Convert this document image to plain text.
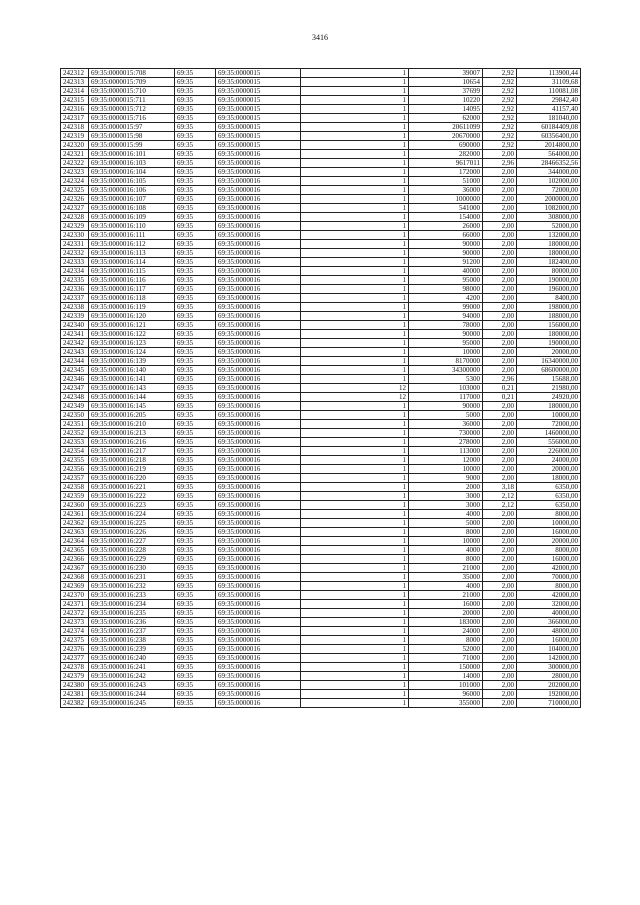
3416
242312	69:35:0000015:708	69:35	69:35:0000015	1	39007	2,92	113900,44
242313	69:35:0000015:709	69:35	69:35:0000015	1	10654	2,92	31109,68
242314	69:35:0000015:710	69:35	69:35:0000015	1	37699	2,92	110081,08
242315	69:35:0000015:711	69:35	69:35:0000015	1	10220	2,92	29842,40
242316	69:35:0000015:712	69:35	69:35:0000015	1	14095	2,92	41157,40
242317	69:35:0000015:716	69:35	69:35:0000015	1	62000	2,92	181040,00
242318	69:35:0000015:97	69:35	69:35:0000015	1	20611099	2,92	60184409,08
242319	69:35:0000015:98	69:35	69:35:0000015	1	20670000	2,92	60356400,00
242320	69:35:0000015:99	69:35	69:35:0000015	1	690000	2,92	2014800,00
242321	69:35:0000016:101	69:35	69:35:0000016	1	282000	2,00	564000,00
242322	69:35:0000016:103	69:35	69:35:0000016	1	9617011	2,96	28466352,56
242323	69:35:0000016:104	69:35	69:35:0000016	1	172000	2,00	344000,00
242324	69:35:0000016:105	69:35	69:35:0000016	1	51000	2,00	102000,00
242325	69:35:0000016:106	69:35	69:35:0000016	1	36000	2,00	72000,00
242326	69:35:0000016:107	69:35	69:35:0000016	1	1000000	2,00	2000000,00
242327	69:35:0000016:108	69:35	69:35:0000016	1	541000	2,00	1082000,00
242328	69:35:0000016:109	69:35	69:35:0000016	1	154000	2,00	308000,00
242329	69:35:0000016:110	69:35	69:35:0000016	1	26000	2,00	52000,00
242330	69:35:0000016:111	69:35	69:35:0000016	1	66000	2,00	132000,00
242331	69:35:0000016:112	69:35	69:35:0000016	1	90000	2,00	180000,00
242332	69:35:0000016:113	69:35	69:35:0000016	1	90000	2,00	180000,00
242333	69:35:0000016:114	69:35	69:35:0000016	1	91200	2,00	182400,00
242334	69:35:0000016:115	69:35	69:35:0000016	1	40000	2,00	80000,00
242335	69:35:0000016:116	69:35	69:35:0000016	1	95000	2,00	190000,00
242336	69:35:0000016:117	69:35	69:35:0000016	1	98000	2,00	196000,00
242337	69:35:0000016:118	69:35	69:35:0000016	1	4200	2,00	8400,00
242338	69:35:0000016:119	69:35	69:35:0000016	1	99000	2,00	198000,00
242339	69:35:0000016:120	69:35	69:35:0000016	1	94000	2,00	188000,00
242340	69:35:0000016:121	69:35	69:35:0000016	1	78000	2,00	156000,00
242341	69:35:0000016:122	69:35	69:35:0000016	1	90000	2,00	180000,00
242342	69:35:0000016:123	69:35	69:35:0000016	1	95000	2,00	190000,00
242343	69:35:0000016:124	69:35	69:35:0000016	1	10000	2,00	20000,00
242344	69:35:0000016:139	69:35	69:35:0000016	1	8170000	2,00	16340000,00
242345	69:35:0000016:140	69:35	69:35:0000016	1	34300000	2,00	68600000,00
242346	69:35:0000016:141	69:35	69:35:0000016	1	5300	2,96	15688,00
242347	69:35:0000016:143	69:35	69:35:0000016	12	103000	0,21	21980,00
242348	69:35:0000016:144	69:35	69:35:0000016	12	117000	0,21	24920,00
242349	69:35:0000016:145	69:35	69:35:0000016	1	90000	2,00	180000,00
242350	69:35:0000016:205	69:35	69:35:0000016	1	5000	2,00	10000,00
242351	69:35:0000016:210	69:35	69:35:0000016	1	36000	2,00	72000,00
242352	69:35:0000016:213	69:35	69:35:0000016	1	730000	2,00	1460000,00
242353	69:35:0000016:216	69:35	69:35:0000016	1	278000	2,00	556000,00
242354	69:35:0000016:217	69:35	69:35:0000016	1	113000	2,00	226000,00
242355	69:35:0000016:218	69:35	69:35:0000016	1	12000	2,00	24000,00
242356	69:35:0000016:219	69:35	69:35:0000016	1	10000	2,00	20000,00
242357	69:35:0000016:220	69:35	69:35:0000016	1	9000	2,00	18000,00
242358	69:35:0000016:221	69:35	69:35:0000016	1	2000	3,18	6350,00
242359	69:35:0000016:222	69:35	69:35:0000016	1	3000	2,12	6350,00
242360	69:35:0000016:223	69:35	69:35:0000016	1	3000	2,12	6350,00
242361	69:35:0000016:224	69:35	69:35:0000016	1	4000	2,00	8000,00
242362	69:35:0000016:225	69:35	69:35:0000016	1	5000	2,00	10000,00
242363	69:35:0000016:226	69:35	69:35:0000016	1	8000	2,00	16000,00
242364	69:35:0000016:227	69:35	69:35:0000016	1	10000	2,00	20000,00
242365	69:35:0000016:228	69:35	69:35:0000016	1	4000	2,00	8000,00
242366	69:35:0000016:229	69:35	69:35:0000016	1	8000	2,00	16000,00
242367	69:35:0000016:230	69:35	69:35:0000016	1	21000	2,00	42000,00
242368	69:35:0000016:231	69:35	69:35:0000016	1	35000	2,00	70000,00
242369	69:35:0000016:232	69:35	69:35:0000016	1	4000	2,00	8000,00
242370	69:35:0000016:233	69:35	69:35:0000016	1	21000	2,00	42000,00
242371	69:35:0000016:234	69:35	69:35:0000016	1	16000	2,00	32000,00
242372	69:35:0000016:235	69:35	69:35:0000016	1	20000	2,00	40000,00
242373	69:35:0000016:236	69:35	69:35:0000016	1	183000	2,00	366000,00
242374	69:35:0000016:237	69:35	69:35:0000016	1	24000	2,00	48000,00
242375	69:35:0000016:238	69:35	69:35:0000016	1	8000	2,00	16000,00
242376	69:35:0000016:239	69:35	69:35:0000016	1	52000	2,00	104000,00
242377	69:35:0000016:240	69:35	69:35:0000016	1	71000	2,00	142000,00
242378	69:35:0000016:241	69:35	69:35:0000016	1	150000	2,00	300000,00
242379	69:35:0000016:242	69:35	69:35:0000016	1	14000	2,00	28000,00
242380	69:35:0000016:243	69:35	69:35:0000016	1	101000	2,00	202000,00
242381	69:35:0000016:244	69:35	69:35:0000016	1	96000	2,00	192000,00
242382	69:35:0000016:245	69:35	69:35:0000016	1	355000	2,00	710000,00
